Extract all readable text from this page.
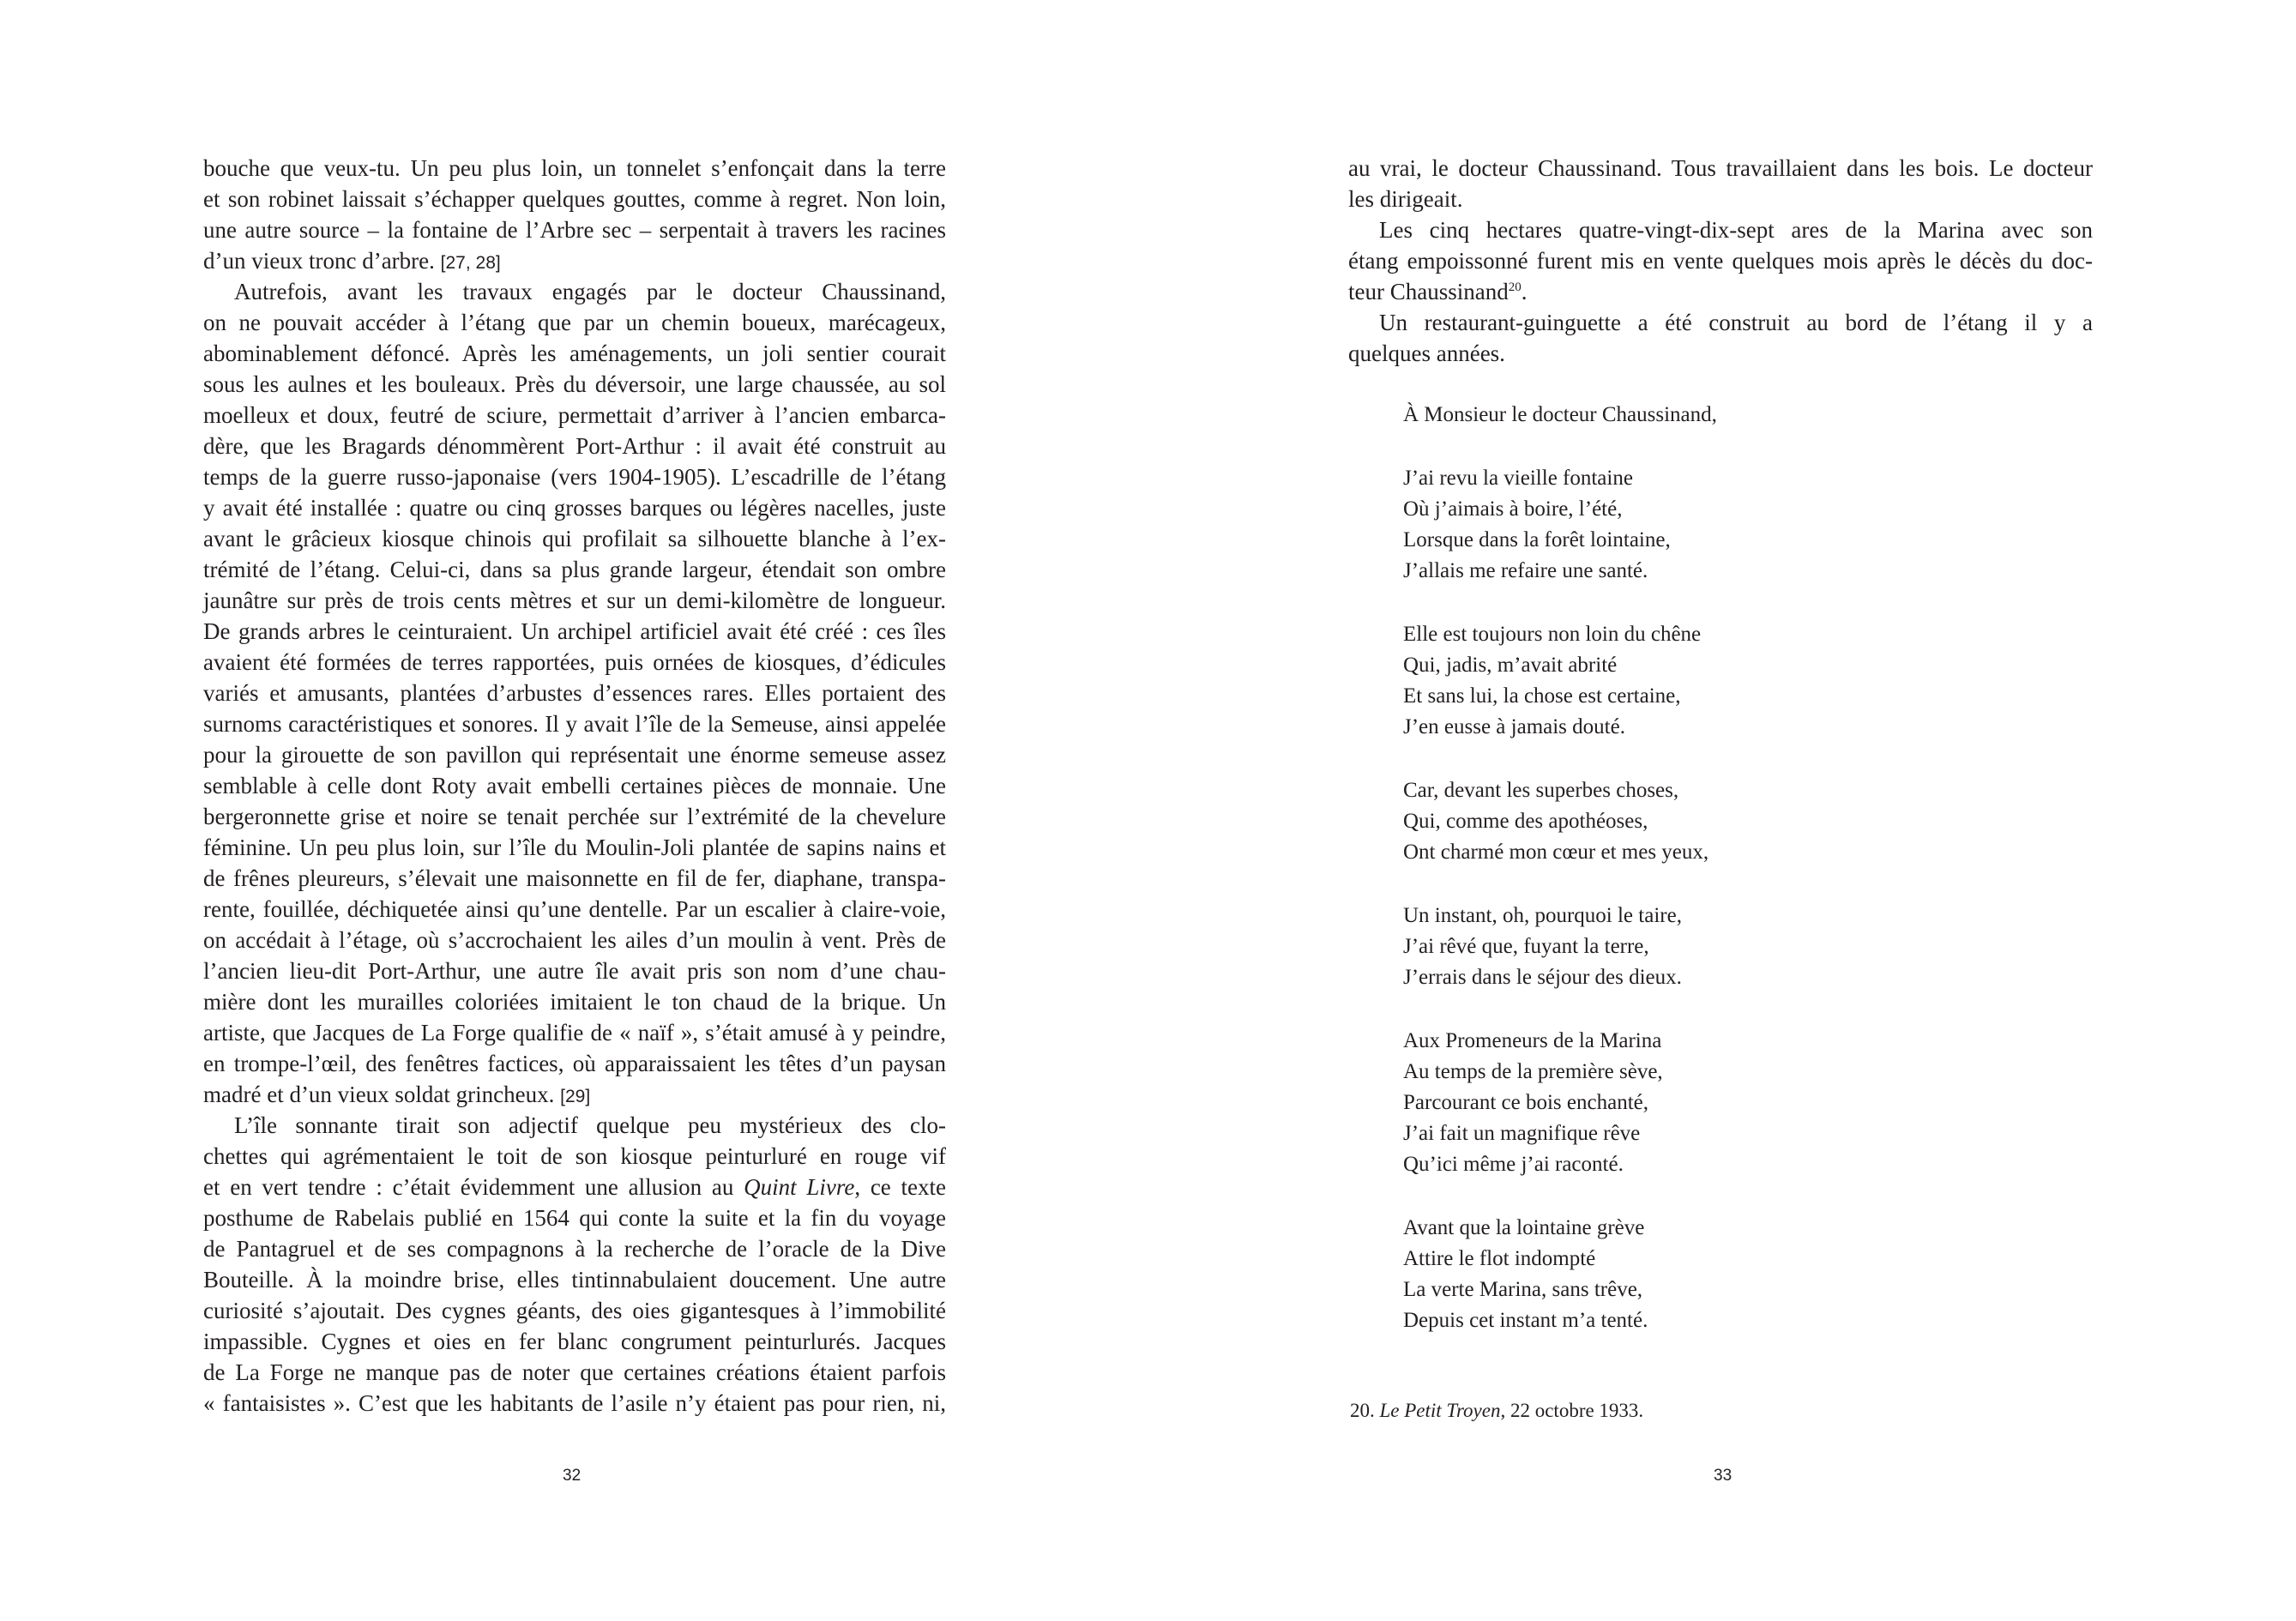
bouche que veux-tu. Un peu plus loin, un tonnelet s’enfonçait dans la terre
et son robinet laissait s’échapper quelques gouttes, comme à regret. Non loin,
une autre source – la fontaine de l’Arbre sec – serpentait à travers les racines
d’un vieux tronc d’arbre. [27, 28]
Autrefois, avant les travaux engagés par le docteur Chaussinand,
on ne pouvait accéder à l’étang que par un chemin boueux, marécageux,
abominablement défoncé. Après les aménagements, un joli sentier courait
sous les aulnes et les bouleaux. Près du déversoir, une large chaussée, au sol
moelleux et doux, feutré de sciure, permettait d’arriver à l’ancien embarca-
dère, que les Bragards dénommèrent Port-Arthur : il avait été construit au
temps de la guerre russo-japonaise (vers 1904-1905). L’escadrille de l’étang
y avait été installée : quatre ou cinq grosses barques ou légères nacelles, juste
avant le grâcieux kiosque chinois qui profilait sa silhouette blanche à l’ex-
trémité de l’étang. Celui-ci, dans sa plus grande largeur, étendait son ombre
jaunâtre sur près de trois cents mètres et sur un demi-kilomètre de longueur.
De grands arbres le ceinturaient. Un archipel artificiel avait été créé : ces îles
avaient été formées de terres rapportées, puis ornées de kiosques, d’édicules
variés et amusants, plantées d’arbustes d’essences rares. Elles portaient des
surnoms caractéristiques et sonores. Il y avait l’île de la Semeuse, ainsi appelée
pour la girouette de son pavillon qui représentait une énorme semeuse assez
semblable à celle dont Roty avait embelli certaines pièces de monnaie. Une
bergeronnette grise et noire se tenait perchée sur l’extrémité de la chevelure
féminine. Un peu plus loin, sur l’île du Moulin-Joli plantée de sapins nains et
de frênes pleureurs, s’élevait une maisonnette en fil de fer, diaphane, transpa-
rente, fouillée, déchiquetée ainsi qu’une dentelle. Par un escalier à claire-voie,
on accédait à l’étage, où s’accrochaient les ailes d’un moulin à vent. Près de
l’ancien lieu-dit Port-Arthur, une autre île avait pris son nom d’une chau-
mière dont les murailles coloriées imitaient le ton chaud de la brique. Un
artiste, que Jacques de La Forge qualifie de « naïf », s’était amusé à y peindre,
en trompe-l’œil, des fenêtres factices, où apparaissaient les têtes d’un paysan
madré et d’un vieux soldat grincheux. [29]
L’île sonnante tirait son adjectif quelque peu mystérieux des clo-
chettes qui agrémentaient le toit de son kiosque peinturluré en rouge vif
et en vert tendre : c’était évidemment une allusion au Quint Livre, ce texte
posthume de Rabelais publié en 1564 qui conte la suite et la fin du voyage
de Pantagruel et de ses compagnons à la recherche de l’oracle de la Dive
Bouteille. À la moindre brise, elles tintinnabulaient doucement. Une autre
curiosité s’ajoutait. Des cygnes géants, des oies gigantesques à l’immobilité
impassible. Cygnes et oies en fer blanc congrument peinturlurés. Jacques
de La Forge ne manque pas de noter que certaines créations étaient parfois
« fantaisistes ». C’est que les habitants de l’asile n’y étaient pas pour rien, ni,
32
au vrai, le docteur Chaussinand. Tous travaillaient dans les bois. Le docteur
les dirigeait.
Les cinq hectares quatre-vingt-dix-sept ares de la Marina avec son
étang empoissonné furent mis en vente quelques mois après le décès du doc-
teur Chaussinand$^{20}$.
Un restaurant-guinguette a été construit au bord de l’étang il y a
quelques années.
À Monsieur le docteur Chaussinand,
J’ai revu la vieille fontaine
Où j’aimais à boire, l’été,
Lorsque dans la forêt lointaine,
J’allais me refaire une santé.
Elle est toujours non loin du chêne
Qui, jadis, m’avait abrité
Et sans lui, la chose est certaine,
J’en eusse à jamais douté.
Car, devant les superbes choses,
Qui, comme des apothéoses,
Ont charmé mon cœur et mes yeux,
Un instant, oh, pourquoi le taire,
J’ai rêvé que, fuyant la terre,
J’errais dans le séjour des dieux.
Aux Promeneurs de la Marina
Au temps de la première sève,
Parcourant ce bois enchanté,
J’ai fait un magnifique rêve
Qu’ici même j’ai raconté.
Avant que la lointaine grève
Attire le flot indompté
La verte Marina, sans trêve,
Depuis cet instant m’a tenté.
20. Le Petit Troyen, 22 octobre 1933.
33
